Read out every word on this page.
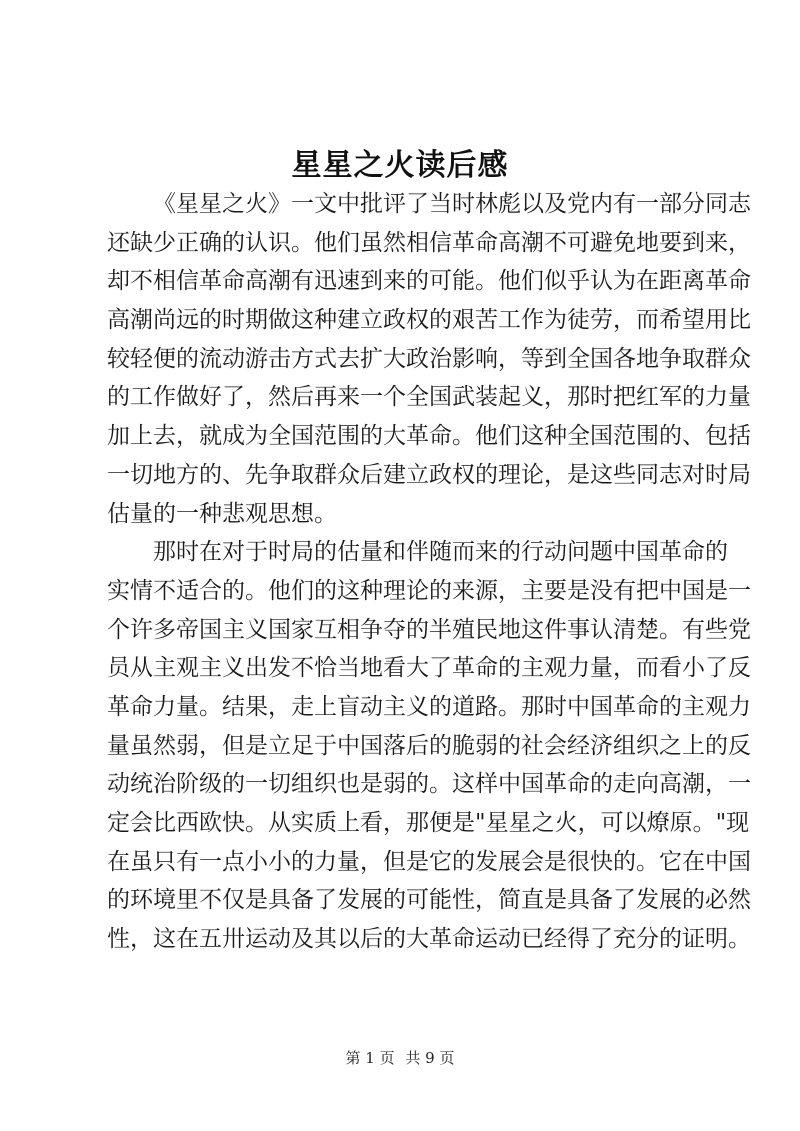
星星之火读后感
《星星之火》一文中批评了当时林彪以及党内有一部分同志
还缺少正确的认识。他们虽然相信革命高潮不可避免地要到来，
却不相信革命高潮有迅速到来的可能。他们似乎认为在距离革命
高潮尚远的时期做这种建立政权的艰苦工作为徒劳，而希望用比
较轻便的流动游击方式去扩大政治影响，等到全国各地争取群众
的工作做好了，然后再来一个全国武装起义，那时把红军的力量
加上去，就成为全国范围的大革命。他们这种全国范围的、包括
一切地方的、先争取群众后建立政权的理论，是这些同志对时局
估量的一种悲观思想。
那时在对于时局的估量和伴随而来的行动问题中国革命的
实情不适合的。他们的这种理论的来源，主要是没有把中国是一
个许多帝国主义国家互相争夺的半殖民地这件事认清楚。有些党
员从主观主义出发不恰当地看大了革命的主观力量，而看小了反
革命力量。结果，走上盲动主义的道路。那时中国革命的主观力
量虽然弱，但是立足于中国落后的脆弱的社会经济组织之上的反
动统治阶级的一切组织也是弱的。这样中国革命的走向高潮，一
定会比西欧快。从实质上看，那便是"星星之火，可以燎原。"现
在虽只有一点小小的力量，但是它的发展会是很快的。它在中国
的环境里不仅是具备了发展的可能性，简直是具备了发展的必然
性，这在五卅运动及其以后的大革命运动已经得了充分的证明。
第 1 页 共 9 页
